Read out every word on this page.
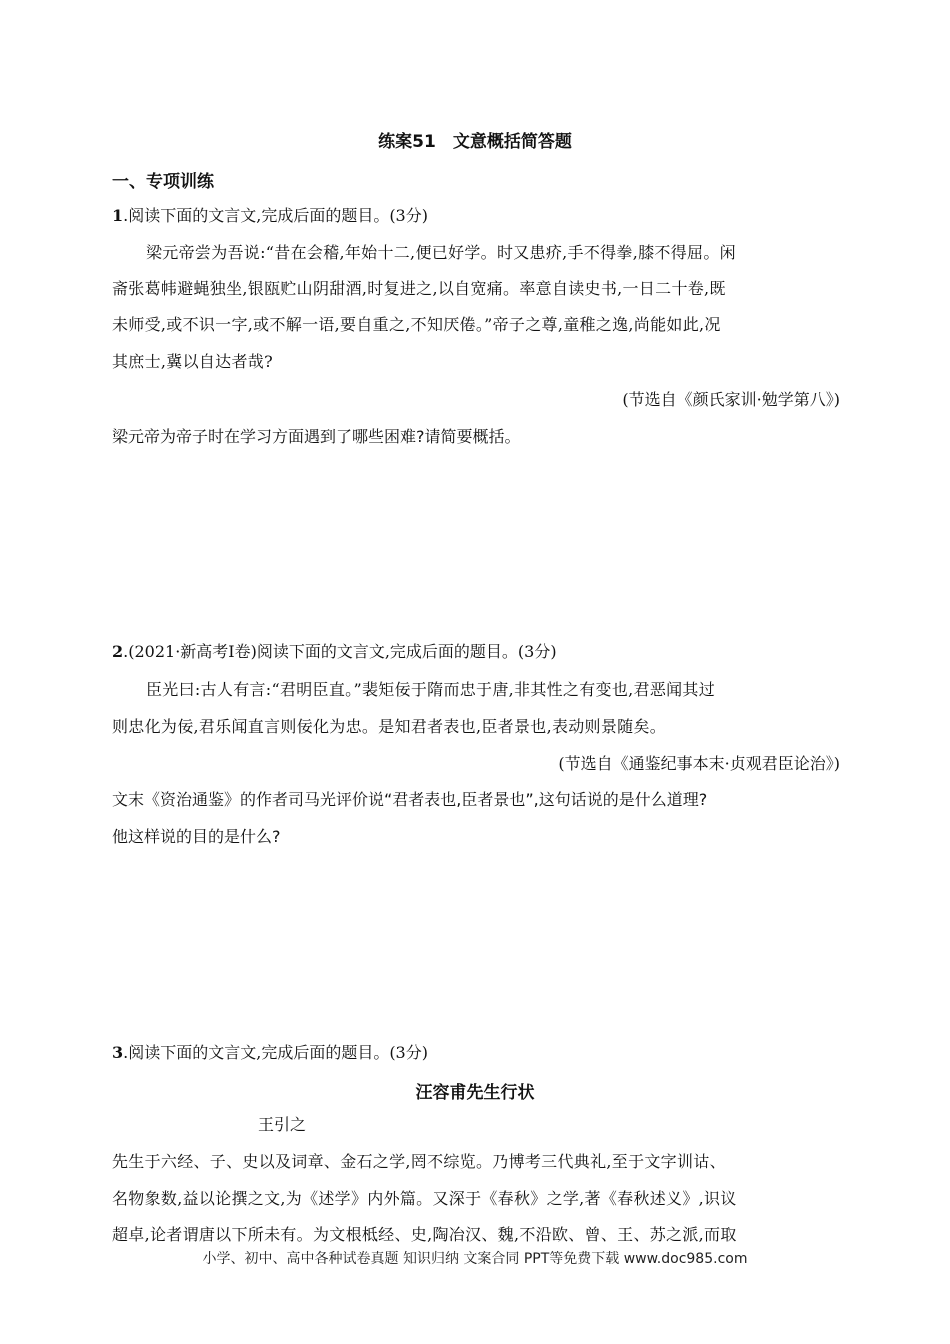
练案51　文意概括简答题
一、专项训练
1.阅读下面的文言文,完成后面的题目。(3分)
梁元帝尝为吾说:“昔在会稽,年始十二,便已好学。时又患疥,手不得拳,膝不得屈。闲
斋张葛帏避蝇独坐,银瓯贮山阴甜酒,时复进之,以自宽痛。率意自读史书,一日二十卷,既
未师受,或不识一字,或不解一语,要自重之,不知厌倦。”帝子之尊,童稚之逸,尚能如此,况
其庶士,冀以自达者哉?
(节选自《颜氏家训·勉学第八》)
梁元帝为帝子时在学习方面遇到了哪些困难?请简要概括。
2.(2021·新高考Ⅰ卷)阅读下面的文言文,完成后面的题目。(3分)
臣光曰:古人有言:“君明臣直。”裴矩佞于隋而忠于唐,非其性之有变也,君恶闻其过
则忠化为佞,君乐闻直言则佞化为忠。是知君者表也,臣者景也,表动则景随矣。
(节选自《通鉴纪事本末·贞观君臣论治》)
文末《资治通鉴》的作者司马光评价说“君者表也,臣者景也”,这句话说的是什么道理?
他这样说的目的是什么?
3.阅读下面的文言文,完成后面的题目。(3分)
汪容甫先生行状
王引之
先生于六经、子、史以及词章、金石之学,罔不综览。乃博考三代典礼,至于文字训诂、
名物象数,益以论撰之文,为《述学》内外篇。又深于《春秋》之学,著《春秋述义》,识议
超卓,论者谓唐以下所未有。为文根柢经、史,陶冶汉、魏,不沿欧、曾、王、苏之派,而取
小学、初中、高中各种试卷真题 知识归纳 文案合同 PPT等免费下载 www.doc985.com
